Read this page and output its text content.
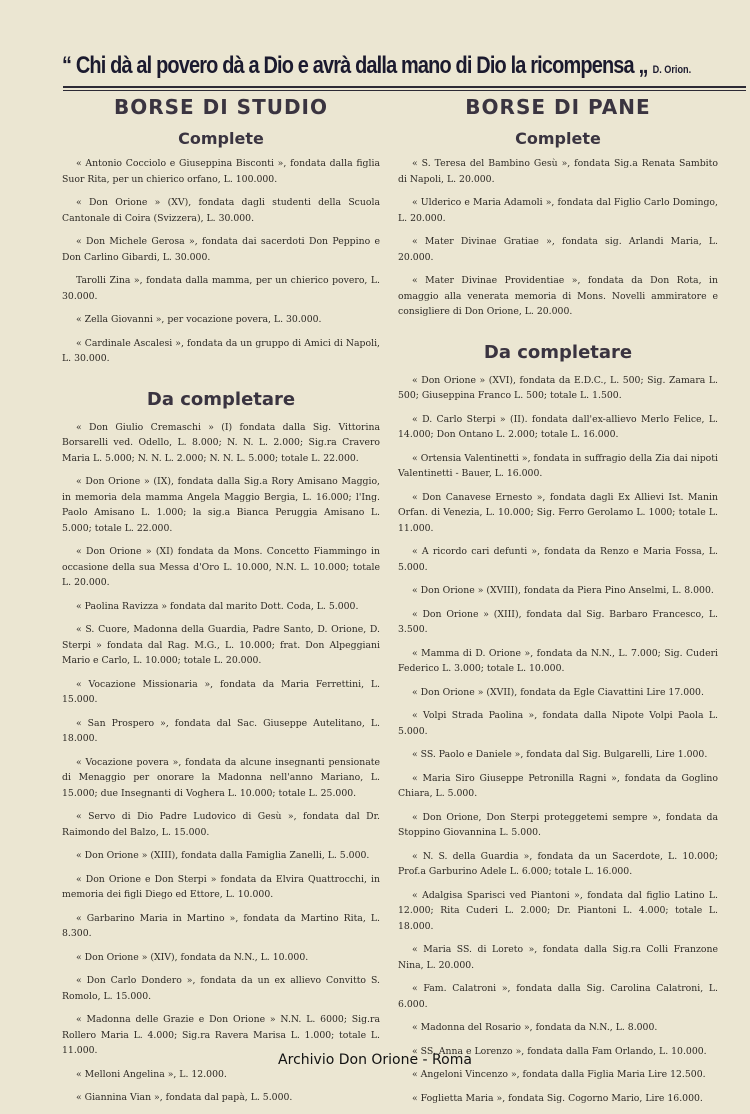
“ Chi dà al povero dà a Dio e avrà dalla mano di Dio la ricompensa „ D. Orion.
BORSE DI STUDIO
Complete

« Antonio Cocciolo e Giuseppina Bisconti », fondata dalla figlia Suor Rita, per un chierico orfano, L. 100.000.

« Don Orione » (XV), fondata dagli studenti della Scuola Cantonale di Coira (Svizzera), L. 30.000.

« Don Michele Gerosa », fondata dai sacerdoti Don Peppino e Don Carlino Gibardi, L. 30.000.

Tarolli Zina », fondata dalla mamma, per un chierico povero, L. 30.000.

« Zella Giovanni », per vocazione povera, L. 30.000.

« Cardinale Ascalesi », fondata da un gruppo di Amici di Napoli, L. 30.000.

Da completare

« Don Giulio Cremaschi » (I) fondata dalla Sig. Vittorina Borsarelli ved. Odello, L. 8.000; N. N. L. 2.000; Sig.ra Cravero Maria L. 5.000; N. N. L. 2.000; N. N. L. 5.000; totale L. 22.000.

« Don Orione » (IX), fondata dalla Sig.a Rory Amisano Maggio, in memoria dela mamma Angela Maggio Bergia, L. 16.000; l'Ing. Paolo Amisano L. 1.000; la sig.a Bianca Peruggia Amisano L. 5.000; totale L. 22.000.

« Don Orione » (XI) fondata da Mons. Concetto Fiammingo in occasione della sua Messa d'Oro L. 10.000, N.N. L. 10.000; totale L. 20.000.

« Paolina Ravizza » fondata dal marito Dott. Coda, L. 5.000.

« S. Cuore, Madonna della Guardia, Padre Santo, D. Orione, D. Sterpi » fondata dal Rag. M.G., L. 10.000; frat. Don Alpeggiani Mario e Carlo, L. 10.000; totale L. 20.000.

« Vocazione Missionaria », fondata da Maria Ferrettini, L. 15.000.

« San Prospero », fondata dal Sac. Giuseppe Autelitano, L. 18.000.

« Vocazione povera », fondata da alcune insegnanti pensionate di Menaggio per onorare la Madonna nell'anno Mariano, L. 15.000; due Insegnanti di Voghera L. 10.000; totale L. 25.000.

« Servo di Dio Padre Ludovico di Gesù », fondata dal Dr. Raimondo del Balzo, L. 15.000.

« Don Orione » (XIII), fondata dalla Famiglia Zanelli, L. 5.000.

« Don Orione e Don Sterpi » fondata da Elvira Quattrocchi, in memoria dei figli Diego ed Ettore, L. 10.000.

« Garbarino Maria in Martino », fondata da Martino Rita, L. 8.300.

« Don Orione » (XIV), fondata da N.N., L. 10.000.

« Don Carlo Dondero », fondata da un ex allievo Convitto S. Romolo, L. 15.000.

« Madonna delle Grazie e Don Orione » N.N. L. 6000; Sig.ra Rollero Maria L. 4.000; Sig.ra Ravera Marisa L. 1.000; totale L. 11.000.

« Melloni Angelina », L. 12.000.

« Giannina Vian », fondata dal papà, L. 5.000.

BORSE DI PANE
Complete

« S. Teresa del Bambino Gesù », fondata Sig.a Renata Sambito di Napoli, L. 20.000.

« Ulderico e Maria Adamoli », fondata dal Figlio Carlo Domingo, L. 20.000.

« Mater Divinae Gratiae », fondata sig. Arlandi Maria, L. 20.000.

« Mater Divinae Providentiae », fondata da Don Rota, in omaggio alla venerata memoria di Mons. Novelli ammiratore e consigliere di Don Orione, L. 20.000.

Da completare

« Don Orione » (XVI), fondata da E.D.C., L. 500; Sig. Zamara L. 500; Giuseppina Franco L. 500; totale L. 1.500.

« D. Carlo Sterpi » (II). fondata dall'ex-allievo Merlo Felice, L. 14.000; Don Ontano L. 2.000; totale L. 16.000.

« Ortensia Valentinetti », fondata in suffragio della Zia dai nipoti Valentinetti - Bauer, L. 16.000.

« Don Canavese Ernesto », fondata dagli Ex Allievi Ist. Manin Orfan. di Venezia, L. 10.000; Sig. Ferro Gerolamo L. 1000; totale L. 11.000.

« A ricordo cari defunti », fondata da Renzo e Maria Fossa, L. 5.000.

« Don Orione » (XVIII), fondata da Piera Pino Anselmi, L. 8.000.

« Don Orione » (XIII), fondata dal Sig. Barbaro Francesco, L. 3.500.

« Mamma di D. Orione », fondata da N.N., L. 7.000; Sig. Cuderi Federico L. 3.000; totale L. 10.000.

« Don Orione » (XVII), fondata da Egle Ciavattini Lire 17.000.

« Volpi Strada Paolina », fondata dalla Nipote Volpi Paola L. 5.000.

« SS. Paolo e Daniele », fondata dal Sig. Bulgarelli, Lire 1.000.

« Maria Siro Giuseppe Petronilla Ragni », fondata da Goglino Chiara, L. 5.000.

« Don Orione, Don Sterpi proteggetemi sempre », fondata da Stoppino Giovannina L. 5.000.

« N. S. della Guardia », fondata da un Sacerdote, L. 10.000; Prof.a Garburino Adele L. 6.000; totale L. 16.000.

« Adalgisa Sparisci ved Piantoni », fondata dal figlio Latino L. 12.000; Rita Cuderi L. 2.000; Dr. Piantoni L. 4.000; totale L. 18.000.

« Maria SS. di Loreto », fondata dalla Sig.ra Colli Franzone Nina, L. 20.000.

« Fam. Calatroni », fondata dalla Sig. Carolina Calatroni, L. 6.000.

« Madonna del Rosario », fondata da N.N., L. 8.000.

« SS. Anna e Lorenzo », fondata dalla Fam Orlando, L. 10.000.

« Angeloni Vincenzo », fondata dalla Figlia Maria Lire 12.500.

« Foglietta Maria », fondata Sig. Cogorno Mario, Lire 16.000.

Archivio Don Orione - Roma
